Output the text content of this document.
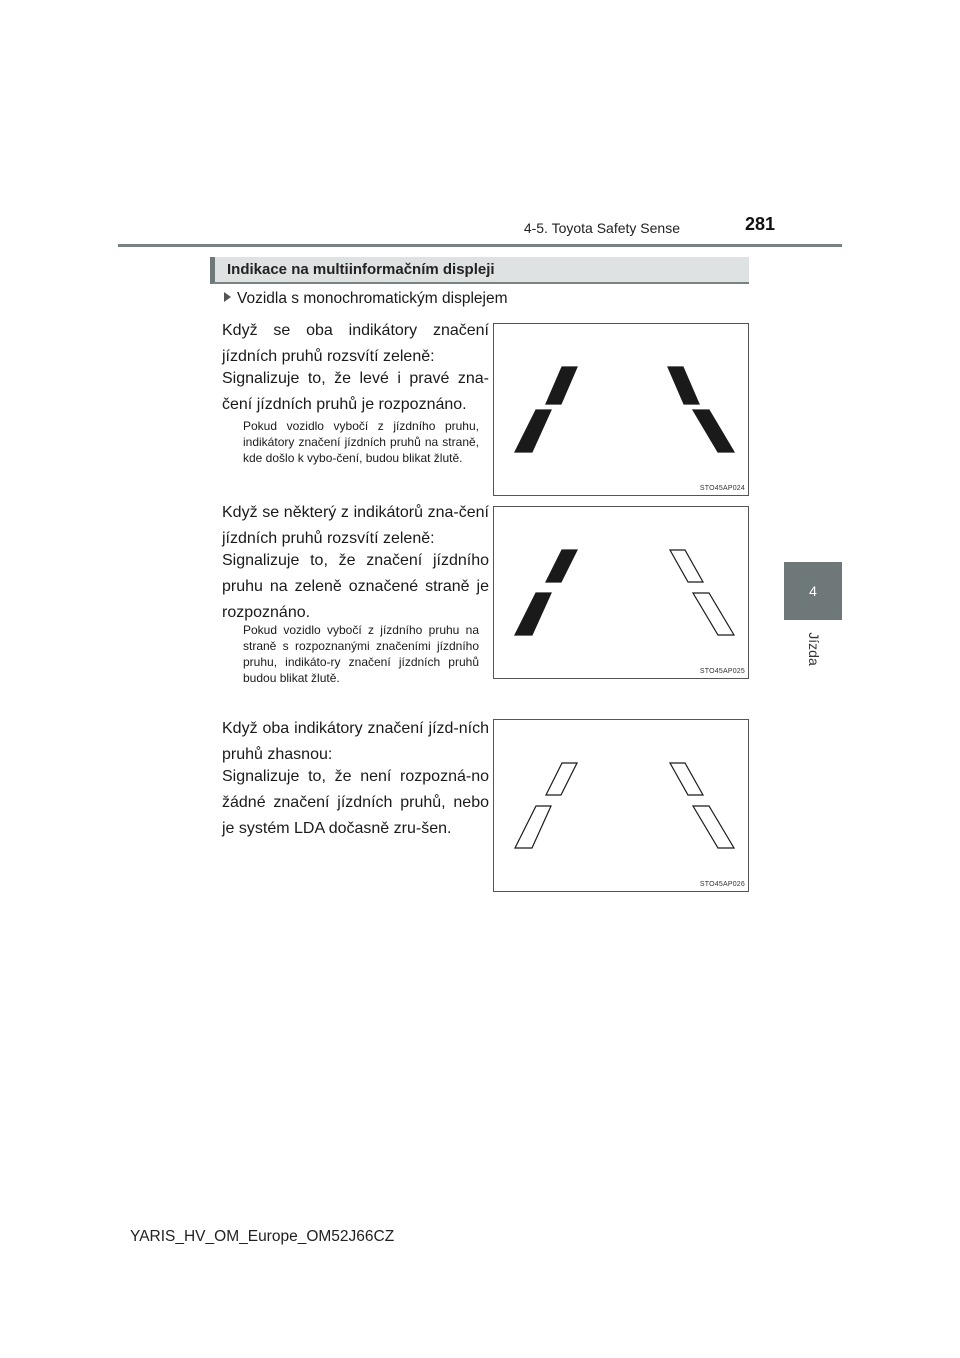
4-5. Toyota Safety Sense	281
4
Jízda
Indikace na multiinformačním displeji
Vozidla s monochromatickým displejem
Když se oba indikátory značení jízdních pruhů rozsvítí zeleně:
Signalizuje to, že levé i pravé zna-čení jízdních pruhů je rozpoznáno.
Pokud vozidlo vybočí z jízdního pruhu, indikátory značení jízdních pruhů na straně, kde došlo k vybo-čení, budou blikat žlutě.
Když se některý z indikátorů zna-čení jízdních pruhů rozsvítí zeleně:
Signalizuje to, že značení jízdního pruhu na zeleně označené straně je rozpoznáno.
Pokud vozidlo vybočí z jízdního pruhu na straně s rozpoznanými značeními jízdního pruhu, indikáto-ry značení jízdních pruhů budou blikat žlutě.
Když oba indikátory značení jízd-ních pruhů zhasnou:
Signalizuje to, že není rozpozná-no žádné značení jízdních pruhů, nebo je systém LDA dočasně zru-šen.
STO45AP024
STO45AP025
STO45AP026
YARIS_HV_OM_Europe_OM52J66CZ
